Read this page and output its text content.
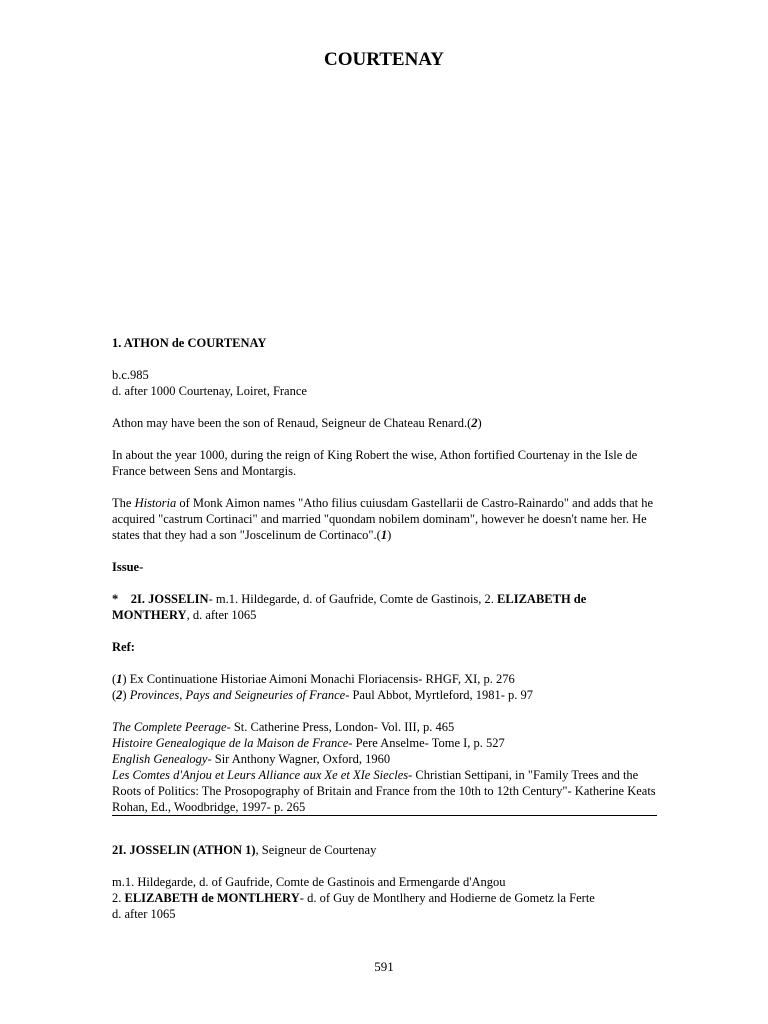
COURTENAY

1. ATHON de COURTENAY

b.c.985

d. after 1000 Courtenay, Loiret, France

Athon may have been the son of Renaud, Seigneur de Chateau Renard.(2)

In about the year 1000, during the reign of King Robert the wise, Athon fortified Courtenay in the Isle de France between Sens and Montargis.

The Historia of Monk Aimon names "Atho filius cuiusdam Gastellarii de Castro-Rainardo" and adds that he acquired "castrum Cortinaci" and married "quondam nobilem dominam", however he doesn't name her. He states that they had a son "Joscelinum de Cortinaco".(1)

Issue-

* 2I. JOSSELIN- m.1. Hildegarde, d. of Gaufride, Comte de Gastinois, 2. ELIZABETH de MONTHERY, d. after 1065

Ref:

(1) Ex Continuatione Historiae Aimoni Monachi Floriacensis- RHGF, XI, p. 276

(2) Provinces, Pays and Seigneuries of France- Paul Abbot, Myrtleford, 1981- p. 97

The Complete Peerage- St. Catherine Press, London- Vol. III, p. 465

Histoire Genealogique de la Maison de France- Pere Anselme- Tome I, p. 527

English Genealogy- Sir Anthony Wagner, Oxford, 1960

Les Comtes d'Anjou et Leurs Alliance aux Xe et XIe Siecles- Christian Settipani, in "Family Trees and the Roots of Politics: The Prosopography of Britain and France from the 10th to 12th Century"- Katherine Keats Rohan, Ed., Woodbridge, 1997- p. 265

2I. JOSSELIN (ATHON 1), Seigneur de Courtenay

m.1. Hildegarde, d. of Gaufride, Comte de Gastinois and Ermengarde d'Angou

2. ELIZABETH de MONTLHERY- d. of Guy de Montlhery and Hodierne de Gometz la Ferte

d. after 1065

591
